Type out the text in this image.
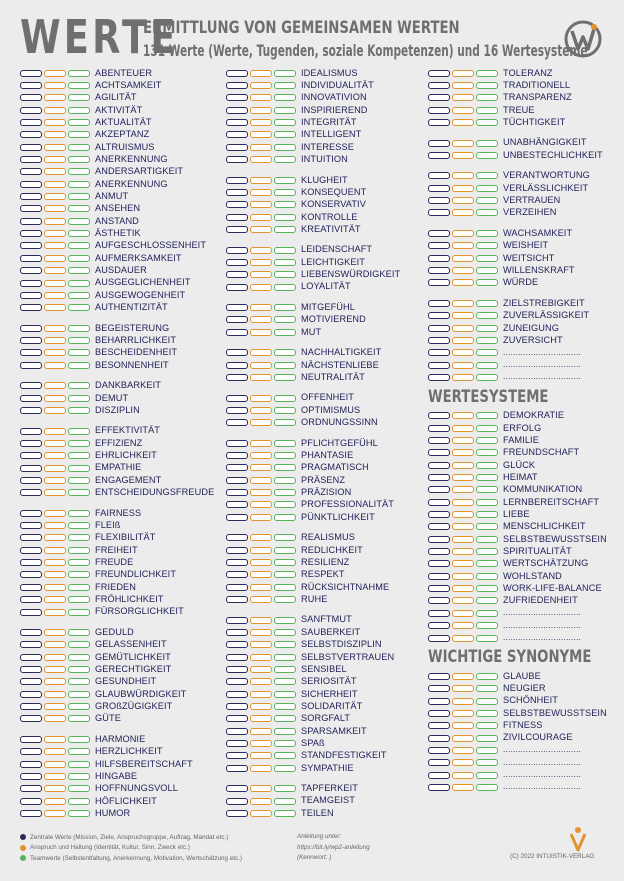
WERTE
ERMITTLUNG VON GEMEINSAMEN WERTEN
131 Werte (Werte, Tugenden, soziale Kompetenzen) und 16 Wertesysteme
ABENTEUER
ACHTSAMKEIT
AGILITÄT
AKTIVITÄT
AKTUALITÄT
AKZEPTANZ
ALTRUISMUS
ANERKENNUNG
ANDERSARTIGKEIT
ANERKENNUNG
ANMUT
ANSEHEN
ANSTAND
ÄSTHETIK
AUFGESCHLOSSENHEIT
AUFMERKSAMKEIT
AUSDAUER
AUSGEGLICHENHEIT
AUSGEWOGENHEIT
AUTHENTIZITÄT
BEGEISTERUNG
BEHARRLICHKEIT
BESCHEIDENHEIT
BESONNENHEIT
DANKBARKEIT
DEMUT
DISZIPLIN
EFFEKTIVITÄT
EFFIZIENZ
EHRLICHKEIT
EMPATHIE
ENGAGEMENT
ENTSCHEIDUNGSFREUDE
FAIRNESS
FLEIß
FLEXIBILITÄT
FREIHEIT
FREUDE
FREUNDLICHKEIT
FRIEDEN
FRÖHLICHKEIT
FÜRSORGLICHKEIT
GEDULD
GELASSENHEIT
GEMÜTLICHKEIT
GERECHTIGKEIT
GESUNDHEIT
GLAUBWÜRDIGKEIT
GROßZÜGIGKEIT
GÜTE
HARMONIE
HERZLICHKEIT
HILFSBEREITSCHAFT
HINGABE
HOFFNUNGSVOLL
HÖFLICHKEIT
HUMOR
IDEALISMUS
INDIVIDUALITÄT
INNOVATIVION
INSPIRIEREND
INTEGRITÄT
INTELLIGENT
INTERESSE
INTUITION
KLUGHEIT
KONSEQUENT
KONSERVATIV
KONTROLLE
KREATIVITÄT
LEIDENSCHAFT
LEICHTIGKEIT
LIEBENSWÜRDIGKEIT
LOYALITÄT
MITGEFÜHL
MOTIVIEREND
MUT
NACHHALTIGKEIT
NÄCHSTENLIEBE
NEUTRALITÄT
OFFENHEIT
OPTIMISMUS
ORDNUNGSSINN
PFLICHTGEFÜHL
PHANTASIE
PRAGMATISCH
PRÄSENZ
PRÄZISION
PROFESSIONALITÄT
PÜNKTLICHKEIT
REALISMUS
REDLICHKEIT
RESILIENZ
RESPEKT
RÜCKSICHTNAHME
RUHE
SANFTMUT
SAUBERKEIT
SELBSTDISZIPLIN
SELBSTVERTRAUEN
SENSIBEL
SERIOSITÄT
SICHERHEIT
SOLIDARITÄT
SORGFALT
SPARSAMKEIT
SPAß
STANDFESTIGKEIT
SYMPATHIE
TAPFERKEIT
TEAMGEIST
TEILEN
TOLERANZ
TRADITIONELL
TRANSPARENZ
TREUE
TÜCHTIGKEIT
UNABHÄNGIGKEIT
UNBESTECHLICHKEIT
VERANTWORTUNG
VERLÄSSLICHKEIT
VERTRAUEN
VERZEIHEN
WACHSAMKEIT
WEISHEIT
WEITSICHT
WILLENSKRAFT
WÜRDE
ZIELSTREBIGKEIT
ZUVERLÄSSIGKEIT
ZUNEIGUNG
ZUVERSICHT
...............................
...............................
...............................
WERTESYSTEME
DEMOKRATIE
ERFOLG
FAMILIE
FREUNDSCHAFT
GLÜCK
HEIMAT
KOMMUNIKATION
LERNBEREITSCHAFT
LIEBE
MENSCHLICHKEIT
SELBSTBEWUSSTSEIN
SPIRITUALITÄT
WERTSCHÄTZUNG
WOHLSTAND
WORK-LIFE-BALANCE
ZUFRIEDENHEIT
...............................
...............................
...............................
WICHTIGE SYNONYME
GLAUBE
NEUGIER
SCHÖNHEIT
SELBSTBEWUSSTSEIN
FITNESS
ZIVILCOURAGE
...............................
...............................
...............................
...............................
Zentrale Werte (Mission, Ziele, Anspruchsgruppe, Auftrag, Mandat etc.)
Anspruch und Haltung (Identität, Kultur, Sinn, Zweck etc.)
Teamwerte (Selbstentfaltung, Anerkennung, Motivation, Wertschätzung etc.)
Anleitung unter:
https://bit.ly/wp2-anleitung
(Kennwort: )	(C) 2022 INTUISTIK-VERLAG
